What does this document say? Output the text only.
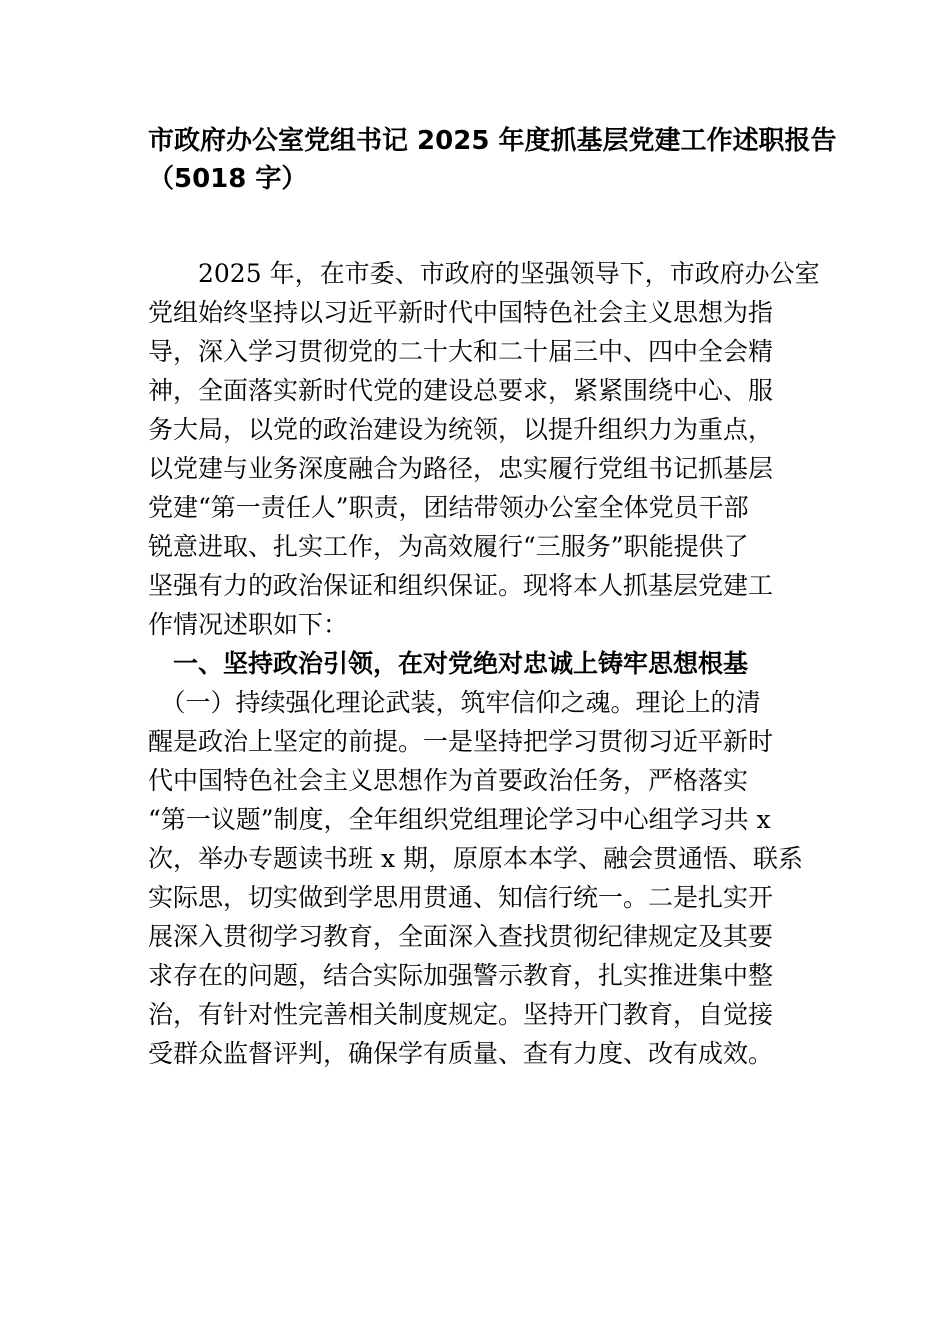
市政府办公室党组书记 2025 年度抓基层党建工作述职报告
（5018 字）
　　2025 年，在市委、市政府的坚强领导下，市政府办公室
党组始终坚持以习近平新时代中国特色社会主义思想为指
导，深入学习贯彻党的二十大和二十届三中、四中全会精
神，全面落实新时代党的建设总要求，紧紧围绕中心、服
务大局，以党的政治建设为统领，以提升组织力为重点，
以党建与业务深度融合为路径，忠实履行党组书记抓基层
党建“第一责任人”职责，团结带领办公室全体党员干部
锐意进取、扎实工作，为高效履行“三服务”职能提供了
坚强有力的政治保证和组织保证。现将本人抓基层党建工
作情况述职如下：
　一、坚持政治引领，在对党绝对忠诚上铸牢思想根基
　（一）持续强化理论武装，筑牢信仰之魂。理论上的清
醒是政治上坚定的前提。一是坚持把学习贯彻习近平新时
代中国特色社会主义思想作为首要政治任务，严格落实
“第一议题”制度，全年组织党组理论学习中心组学习共 x
次，举办专题读书班 x 期，原原本本学、融会贯通悟、联系
实际思，切实做到学思用贯通、知信行统一。二是扎实开
展深入贯彻学习教育，全面深入查找贯彻纪律规定及其要
求存在的问题，结合实际加强警示教育，扎实推进集中整
治，有针对性完善相关制度规定。坚持开门教育，自觉接
受群众监督评判，确保学有质量、查有力度、改有成效。
